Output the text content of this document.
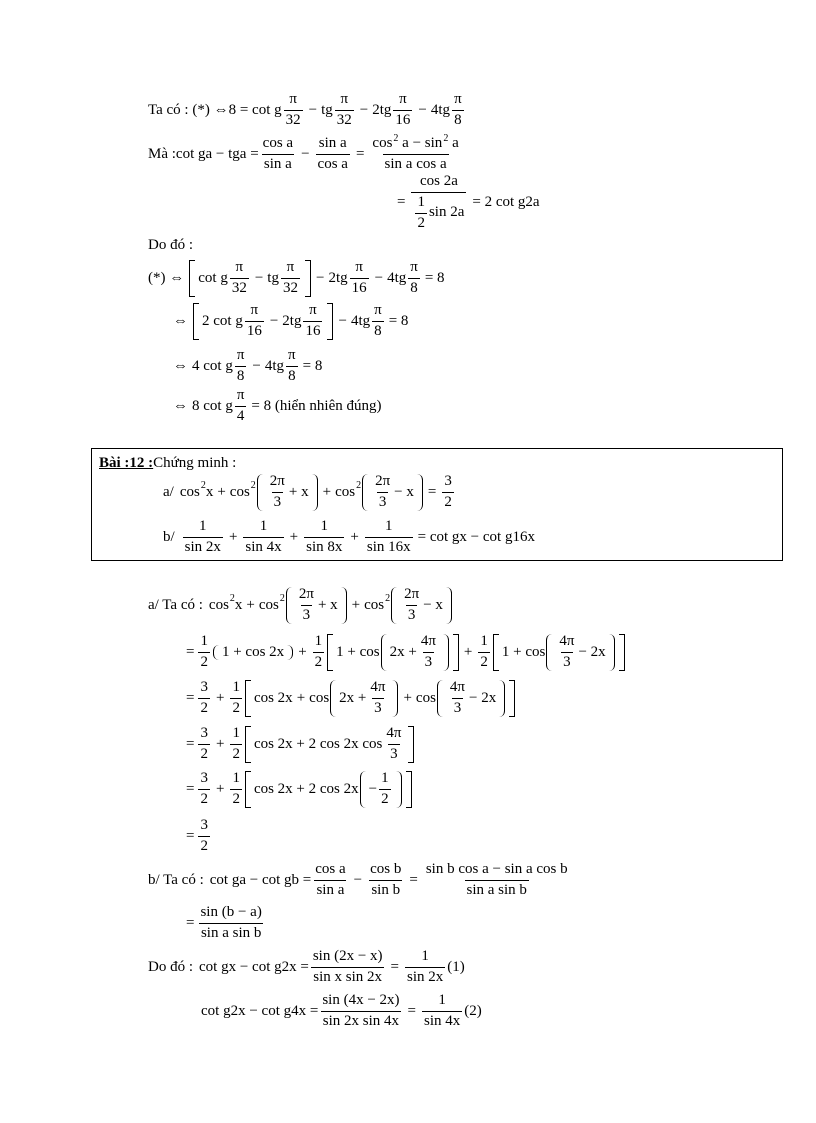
Ta có : (*) ⇔ 8 = cot g $\frac{\pi}{32}$ − tg $\frac{\pi}{32} - 2tg \frac{\pi}{16} - 4tg \frac{\pi}{8}$
Mà : cot ga − tga = $\frac{\text{cos a}}{\text{sin a}} - \frac{\text{sin a}}{\text{cos a}} = \frac{\cos^2 a - \sin^2 a}{\text{sin a cos a}}$
= $\frac{\cos 2a}{\frac{1}{2} \sin 2a} = 2$ cot g2a
Do đó :
(*) ⇔ cot g $\frac{\pi}{32}$ − tg $\frac{\pi}{32} - 2tg \frac{\pi}{16} - 4tg \frac{\pi}{8} = 8$
⇔ 2 cot g $\frac{\pi}{16} - 2tg \frac{\pi}{16} - 4tg \frac{\pi}{8} = 8$
⇔ 4 cot g $\frac{\pi}{8} - 4tg \frac{\pi}{8} = 8$
⇔ 8 cot g $\frac{\pi}{4} = 8$ (hiển nhiên đúng)
Bài :12 : Chứng minh :
a/ cos 2 $x + \cos 2 \frac{2\pi}{3} + x + \cos 2 \frac{2\pi}{3} - x = \frac{3}{2}$
$b/ \frac{1}{\sin 2x} + \frac{1}{\sin 4x} + \frac{1}{\sin 8x} + \frac{1}{\sin 16x} = \cot$ gx − cot g16x
a/ Ta có : cos 2 $x + \cos 2 \frac{2\pi}{3} + x + \cos 2 \frac{2\pi}{3} - x$
= $\frac{1}{2} 1 + \cos 2x + \frac{1}{2} 1 + \cos 2x + \frac{4\pi}{3} + \frac{1}{2} 1 + \cos \frac{4\pi}{3} - 2x$
= $\frac{3}{2} + \frac{1}{2}$ $\cos 2x + \cos 2x + \frac{4\pi}{3} + \cos \frac{4\pi}{3} - 2x$
= $\frac{3}{2} + \frac{1}{2}$ cos 2x + 2 cos 2x $\cos \frac{4\pi}{3}$
= $\frac{3}{2} + \frac{1}{2}$ cos 2x + 2 $\cos 2x - \frac{1}{2}$
= $\frac{3}{2}$
b/ Ta có : cot ga − cot gb = $\frac{\text{cos a}}{\text{sin a}} - \frac{\text{cos b}}{\text{sin b}} = \frac{\text{sin b cos a − sin a cos b}}{\text{sin a sin b}}$
= $\frac{\sin (b - a)}{\text{sin a sin b}}$
Do đó : cot gx − $\cot g2x = \frac{\sin (2x - x)}{\text{sin x sin 2x}} = \frac{1}{\sin 2x} (1)$
$\cot g2x - \cot g4x = \frac{\sin (4x - 2x)}{\text{sin 2x sin 4x}} = \frac{1}{\sin 4x} (2)$
